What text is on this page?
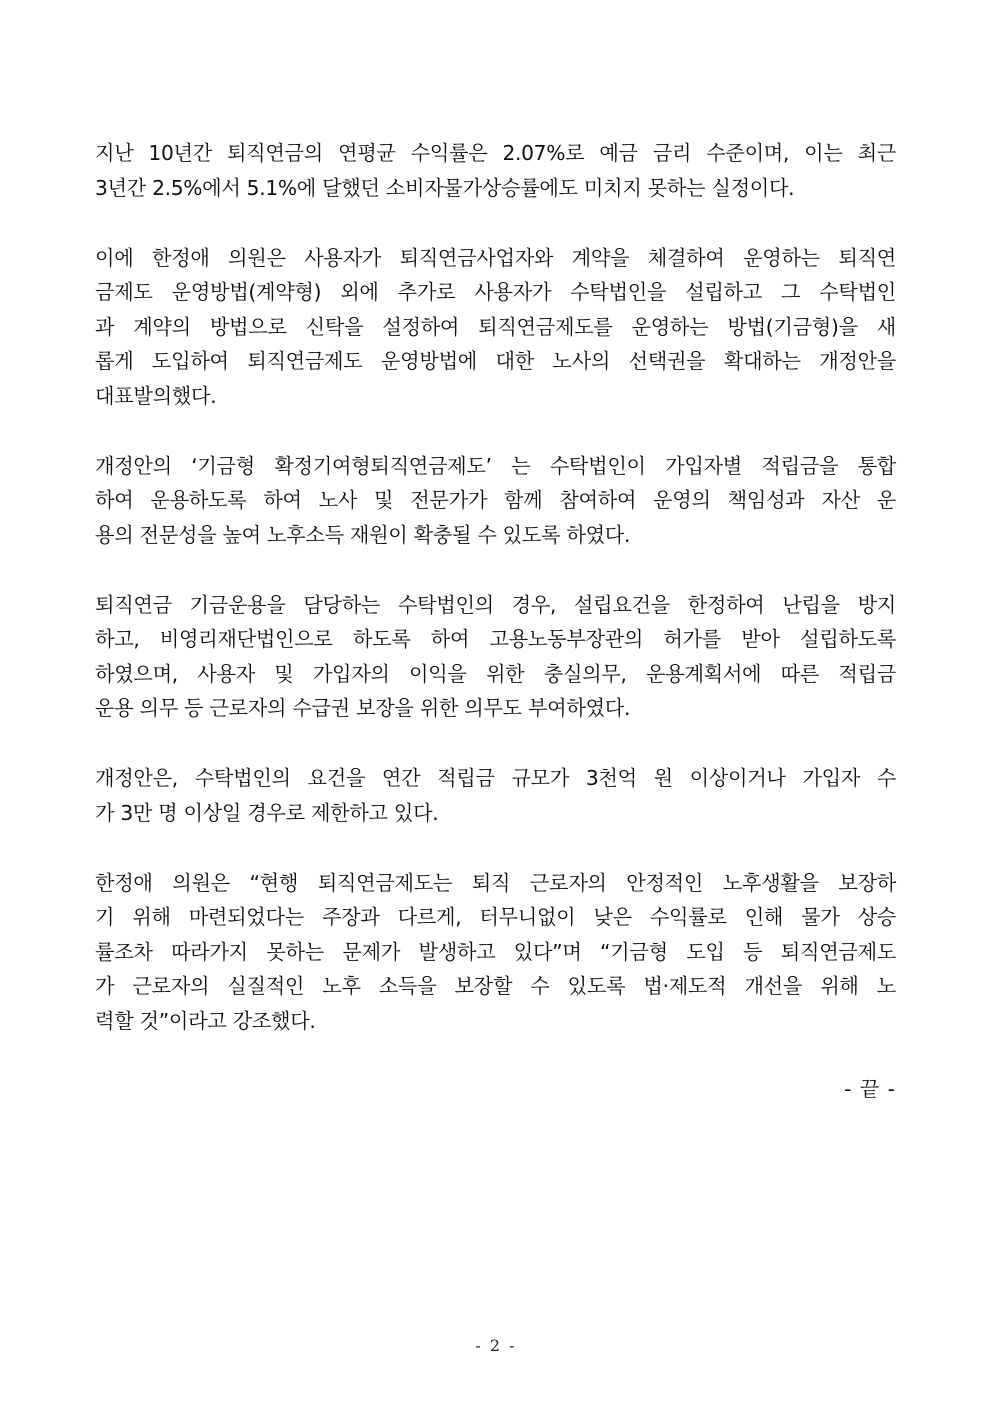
지난 10년간 퇴직연금의 연평균 수익률은 2.07%로 예금 금리 수준이며, 이는 최근
3년간 2.5%에서 5.1%에 달했던 소비자물가상승률에도 미치지 못하는 실정이다.

이에 한정애 의원은 사용자가 퇴직연금사업자와 계약을 체결하여 운영하는 퇴직연
금제도 운영방법(계약형) 외에 추가로 사용자가 수탁법인을 설립하고 그 수탁법인
과 계약의 방법으로 신탁을 설정하여 퇴직연금제도를 운영하는 방법(기금형)을 새
롭게 도입하여 퇴직연금제도 운영방법에 대한 노사의 선택권을 확대하는 개정안을
대표발의했다.

개정안의 ‘기금형 확정기여형퇴직연금제도’ 는 수탁법인이 가입자별 적립금을 통합
하여 운용하도록 하여 노사 및 전문가가 함께 참여하여 운영의 책임성과 자산 운
용의 전문성을 높여 노후소득 재원이 확충될 수 있도록 하였다.

퇴직연금 기금운용을 담당하는 수탁법인의 경우, 설립요건을 한정하여 난립을 방지
하고, 비영리재단법인으로 하도록 하여 고용노동부장관의 허가를 받아 설립하도록
하였으며, 사용자 및 가입자의 이익을 위한 충실의무, 운용계획서에 따른 적립금
운용 의무 등 근로자의 수급권 보장을 위한 의무도 부여하였다.

개정안은, 수탁법인의 요건을 연간 적립금 규모가 3천억 원 이상이거나 가입자 수
가 3만 명 이상일 경우로 제한하고 있다.

한정애 의원은 “현행 퇴직연금제도는 퇴직 근로자의 안정적인 노후생활을 보장하
기 위해 마련되었다는 주장과 다르게, 터무니없이 낮은 수익률로 인해 물가 상승
률조차 따라가지 못하는 문제가 발생하고 있다”며 “기금형 도입 등 퇴직연금제도
가 근로자의 실질적인 노후 소득을 보장할 수 있도록 법·제도적 개선을 위해 노
력할 것”이라고 강조했다.

- 끝 -
- 2 -
